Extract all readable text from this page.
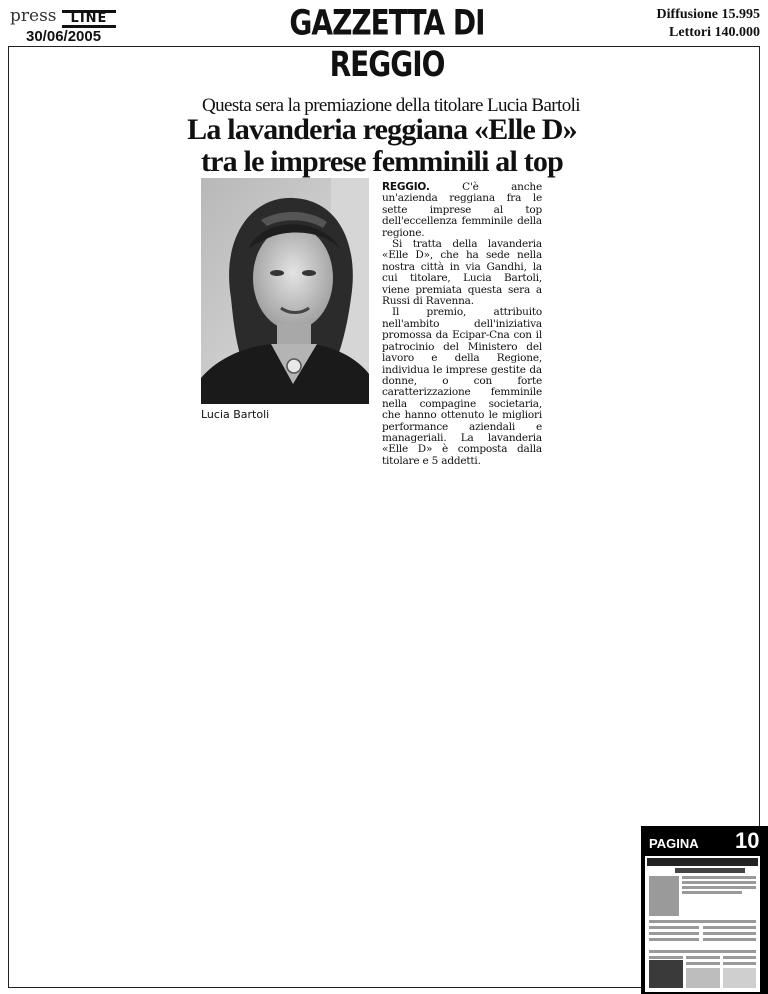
press	LINE
30/06/2005	GAZZETTA DI REGGIO
Diffusione 15.995
Lettori 140.000
Questa sera la premiazione della titolare Lucia Bartoli
La lavanderia reggiana «Elle D»
tra le imprese femminili al top
Lucia Bartoli

REGGIO.	C'è anche un'azienda reggiana fra le sette imprese al top dell'eccellenza femminile della regione.

Si tratta della lavanderia «Elle D», che ha sede nella nostra città in via Gandhi, la cui titolare, Lucia Bartoli, viene premiata questa sera a Russi di Ravenna.

Il premio, attribuito nell'ambito dell'iniziativa promossa da Ecipar-Cna con il patrocinio del Ministero del lavoro e della Regione, individua le imprese gestite da donne, o con forte caratterizzazione femminile nella compagine societaria, che hanno ottenuto le migliori performance aziendali e manageriali. La lavanderia «Elle D» è composta dalla titolare e 5 addetti.

PAGINA 10
